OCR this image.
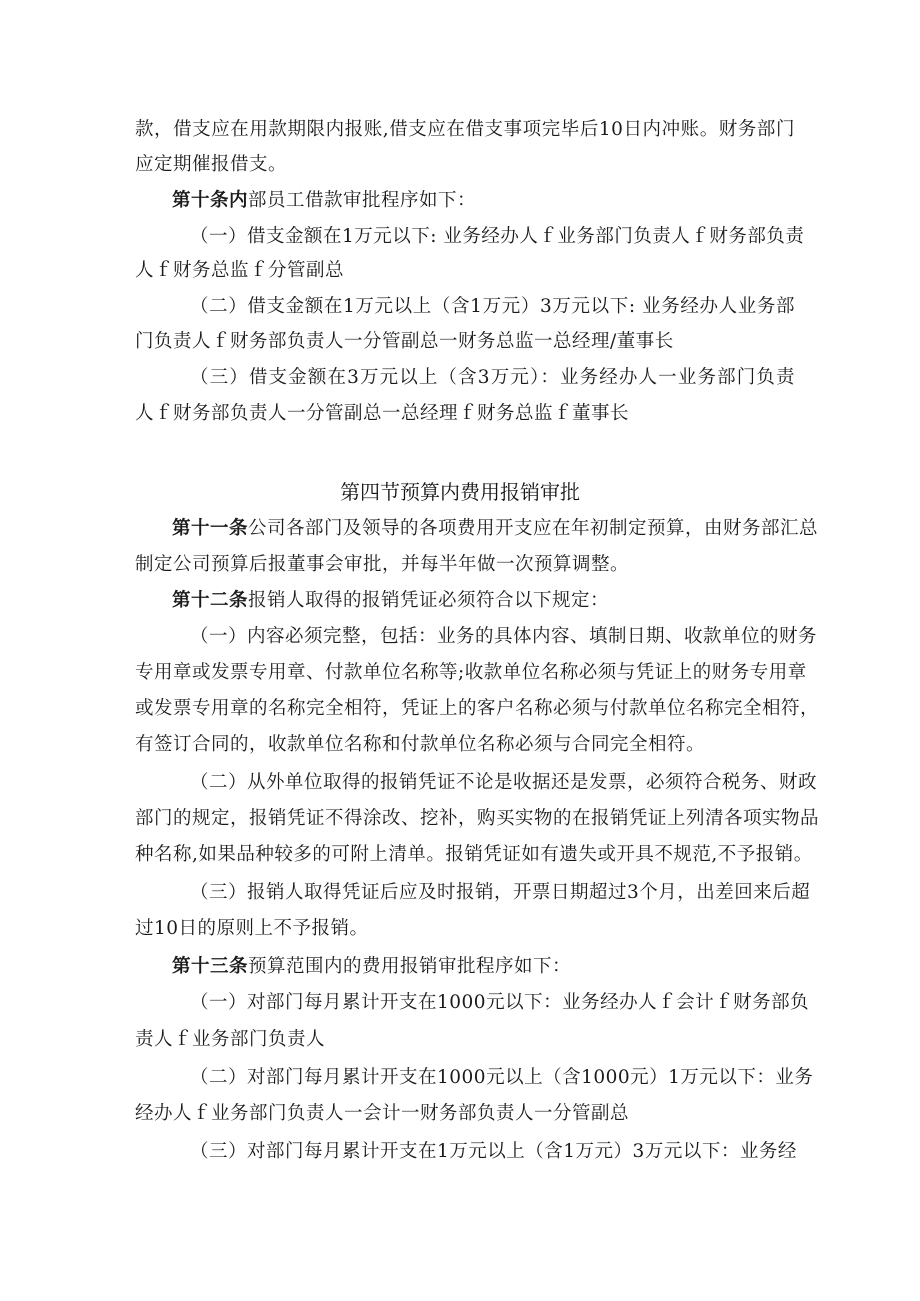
款，借支应在用款期限内报账,借支应在借支事项完毕后10日内冲账。财务部门
应定期催报借支。
第十条内部员工借款审批程序如下：
（一）借支金额在1万元以下: 业务经办人ｆ业务部门负责人ｆ财务部负责
人ｆ财务总监ｆ分管副总
（二）借支金额在1万元以上（含1万元）3万元以下: 业务经办人业务部
门负责人ｆ财务部负责人一分管副总一财务总监一总经理/董事长
（三）借支金额在3万元以上（含3万元）：业务经办人一业务部门负责
人ｆ财务部负责人一分管副总一总经理ｆ财务总监ｆ董事长
第四节预算内费用报销审批
第十一条公司各部门及领导的各项费用开支应在年初制定预算，由财务部汇总
制定公司预算后报董事会审批，并每半年做一次预算调整。
第十二条报销人取得的报销凭证必须符合以下规定：
（一）内容必须完整，包括：业务的具体内容、填制日期、收款单位的财务
专用章或发票专用章、付款单位名称等;收款单位名称必须与凭证上的财务专用章
或发票专用章的名称完全相符，凭证上的客户名称必须与付款单位名称完全相符，
有签订合同的，收款单位名称和付款单位名称必须与合同完全相符。
（二）从外单位取得的报销凭证不论是收据还是发票，必须符合税务、财政
部门的规定，报销凭证不得涂改、挖补，购买实物的在报销凭证上列清各项实物品
种名称,如果品种较多的可附上清单。报销凭证如有遗失或开具不规范,不予报销。
（三）报销人取得凭证后应及时报销，开票日期超过3个月，出差回来后超
过10日的原则上不予报销。
第十三条预算范围内的费用报销审批程序如下：
（一）对部门每月累计开支在1000元以下：业务经办人ｆ会计ｆ财务部负
责人ｆ业务部门负责人
（二）对部门每月累计开支在1000元以上（含1000元）1万元以下：业务
经办人ｆ业务部门负责人一会计一财务部负责人一分管副总
（三）对部门每月累计开支在1万元以上（含1万元）3万元以下：业务经
